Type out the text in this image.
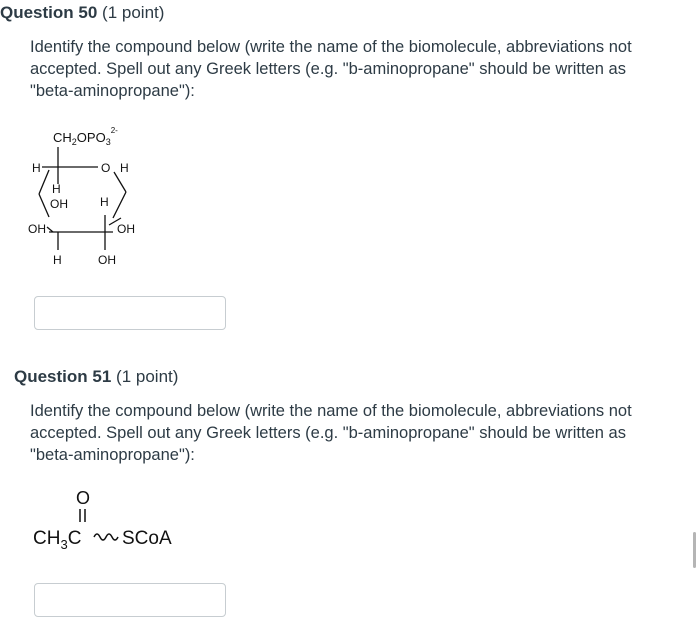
Question 50 (1 point)
Identify the compound below (write the name of the biomolecule, abbreviations not
accepted. Spell out any Greek letters (e.g. "b-aminopropane" should be written as
"beta-aminopropane"):
$CH_2OPO_3^{2-}$
H	O H
H
OH	H
OH	OH
H	OH
Question 51 (1 point)
Identify the compound below (write the name of the biomolecule, abbreviations not
accepted. Spell out any Greek letters (e.g. "b-aminopropane" should be written as
"beta-aminopropane"):
O
$CH_3C$ SCoA
